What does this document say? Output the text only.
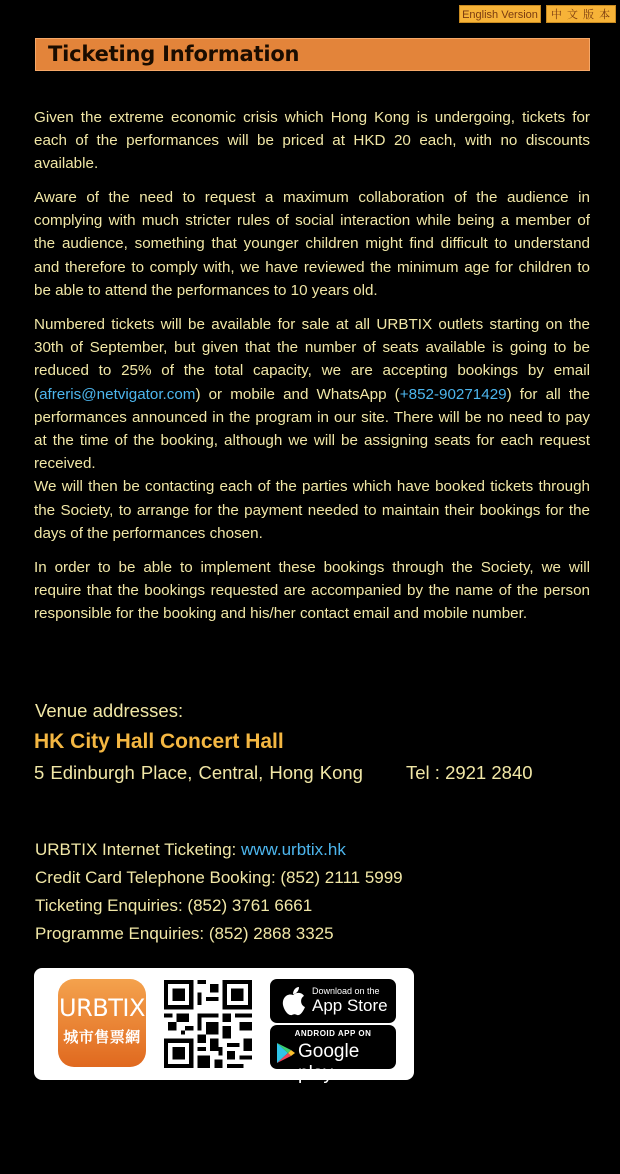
English Version	中 文 版 本
Ticketing Information

Given the extreme economic crisis which Hong Kong is undergoing, tickets for each of the performances will be priced at HKD 20 each, with no discounts available.

Aware of the need to request a maximum collaboration of the audience in complying with much stricter rules of social interaction while being a member of the audience, something that younger children might find difficult to understand and therefore to comply with, we have reviewed the minimum age for children to be able to attend the performances to 10 years old.

Numbered tickets will be available for sale at all URBTIX outlets starting on the 30th of September, but given that the number of seats available is going to be reduced to 25% of the total capacity, we are accepting bookings by email (afreris@netvigator.com) or mobile and WhatsApp (+852-90271429) for all the performances announced in the program in our site. There will be no need to pay at the time of the booking, although we will be assigning seats for each request received.

We will then be contacting each of the parties which have booked tickets through the Society, to arrange for the payment needed to maintain their bookings for the days of the performances chosen.

In order to be able to implement these bookings through the Society, we will require that the bookings requested are accompanied by the name of the person responsible for the booking and his/her contact email and mobile number.

Venue addresses:
HK City Hall Concert Hall
5 Edinburgh Place, Central, Hong Kong Tel : 2921 2840
URBTIX Internet Ticketing: www.urbtix.hk
Credit Card Telephone Booking: (852) 2111 5999
Ticketing Enquiries: (852) 3761 6661
Programme Enquiries: (852) 2868 3325
URBTIX
城市售票網
Download on the
App Store
ANDROID APP ON
Google play
